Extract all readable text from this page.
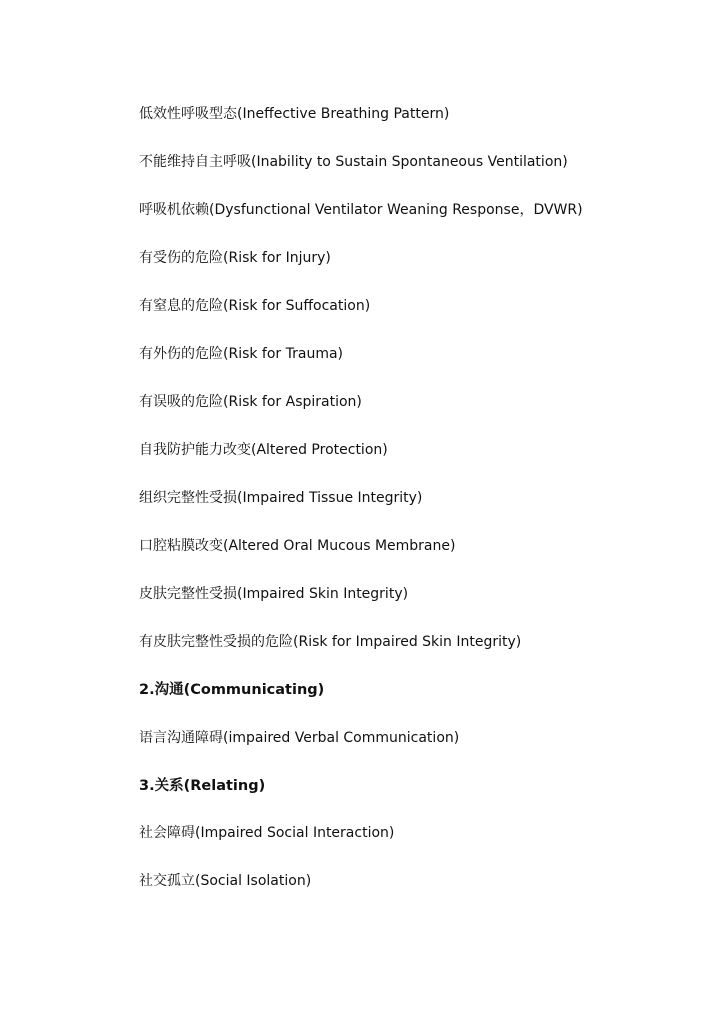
低效性呼吸型态(Ineffective Breathing Pattern)
不能维持自主呼吸(Inability to Sustain Spontaneous Ventilation)
呼吸机依赖(Dysfunctional Ventilator Weaning Response，DVWR)
有受伤的危险(Risk for Injury)
有窒息的危险(Risk for Suffocation)
有外伤的危险(Risk for Trauma)
有误吸的危险(Risk for Aspiration)
自我防护能力改变(Altered Protection)
组织完整性受损(Impaired Tissue Integrity)
口腔粘膜改变(Altered Oral Mucous Membrane)
皮肤完整性受损(Impaired Skin Integrity)
有皮肤完整性受损的危险(Risk for Impaired Skin Integrity)
2.沟通(Communicating)
语言沟通障碍(impaired Verbal Communication)
3.关系(Relating)
社会障碍(Impaired Social Interaction)
社交孤立(Social Isolation)
